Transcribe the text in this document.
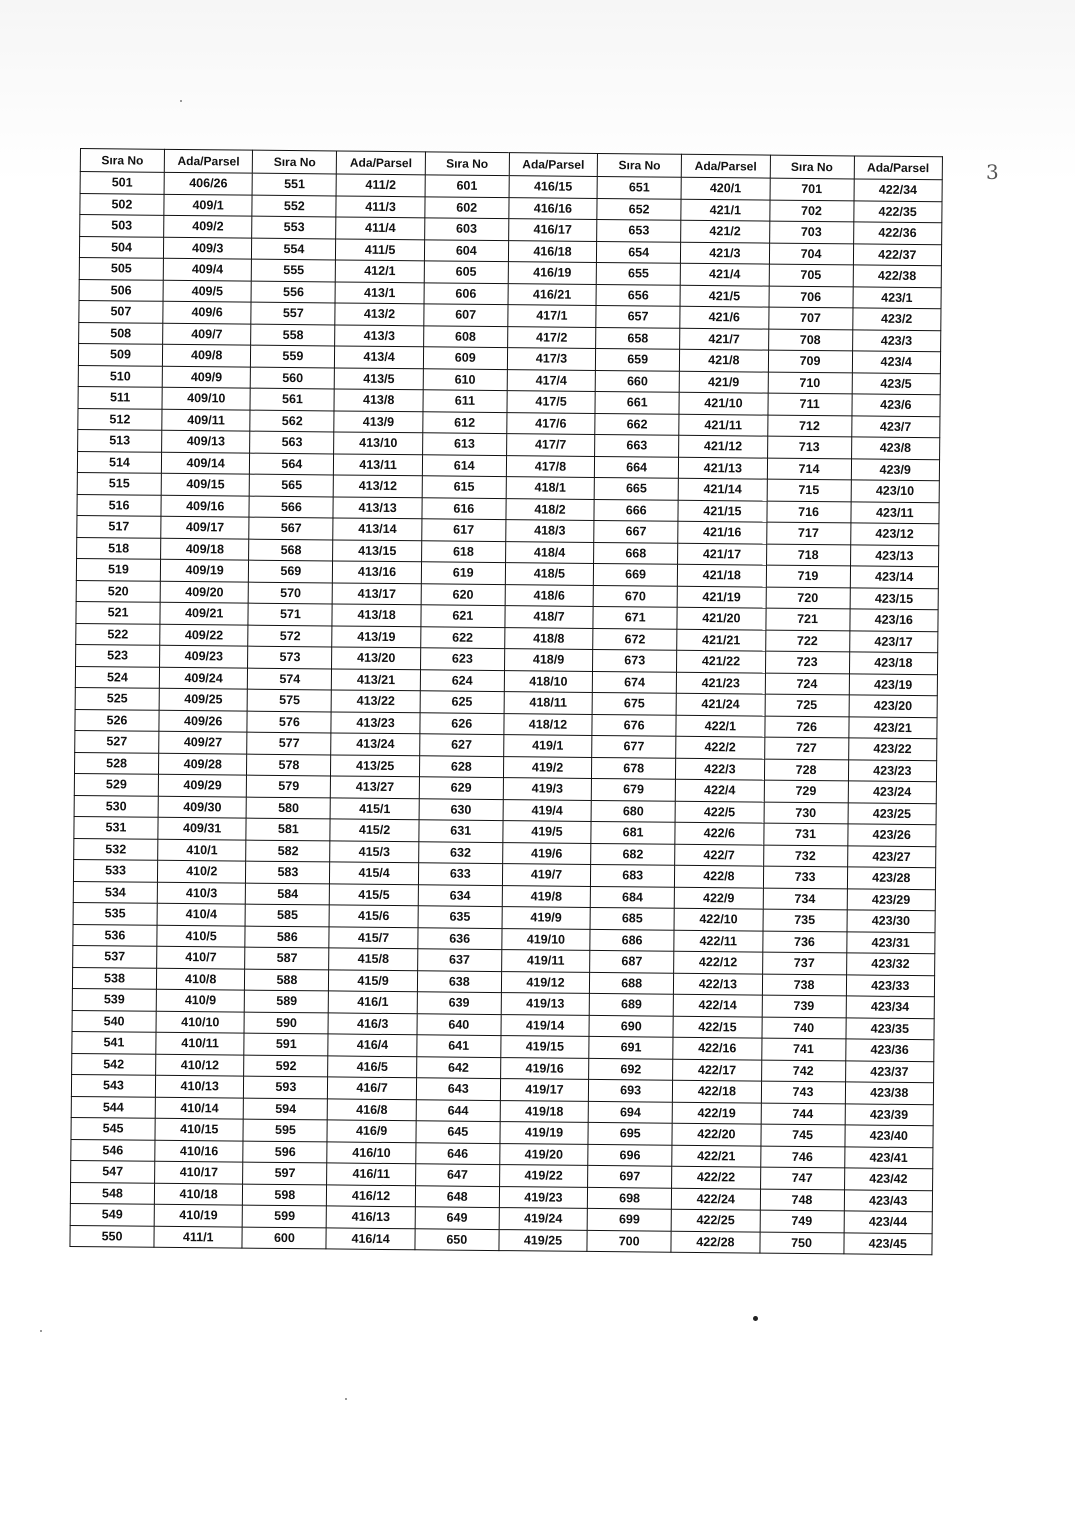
Sıra No	Ada/Parsel	Sıra No	Ada/Parsel	Sıra No	Ada/Parsel	Sıra No	Ada/Parsel	Sıra No	Ada/Parsel
501	406/26	551	411/2	601	416/15	651	420/1	701	422/34
502	409/1	552	411/3	602	416/16	652	421/1	702	422/35
503	409/2	553	411/4	603	416/17	653	421/2	703	422/36
504	409/3	554	411/5	604	416/18	654	421/3	704	422/37
505	409/4	555	412/1	605	416/19	655	421/4	705	422/38
506	409/5	556	413/1	606	416/21	656	421/5	706	423/1
507	409/6	557	413/2	607	417/1	657	421/6	707	423/2
508	409/7	558	413/3	608	417/2	658	421/7	708	423/3
509	409/8	559	413/4	609	417/3	659	421/8	709	423/4
510	409/9	560	413/5	610	417/4	660	421/9	710	423/5
511	409/10	561	413/8	611	417/5	661	421/10	711	423/6
512	409/11	562	413/9	612	417/6	662	421/11	712	423/7
513	409/13	563	413/10	613	417/7	663	421/12	713	423/8
514	409/14	564	413/11	614	417/8	664	421/13	714	423/9
515	409/15	565	413/12	615	418/1	665	421/14	715	423/10
516	409/16	566	413/13	616	418/2	666	421/15	716	423/11
517	409/17	567	413/14	617	418/3	667	421/16	717	423/12
518	409/18	568	413/15	618	418/4	668	421/17	718	423/13
519	409/19	569	413/16	619	418/5	669	421/18	719	423/14
520	409/20	570	413/17	620	418/6	670	421/19	720	423/15
521	409/21	571	413/18	621	418/7	671	421/20	721	423/16
522	409/22	572	413/19	622	418/8	672	421/21	722	423/17
523	409/23	573	413/20	623	418/9	673	421/22	723	423/18
524	409/24	574	413/21	624	418/10	674	421/23	724	423/19
525	409/25	575	413/22	625	418/11	675	421/24	725	423/20
526	409/26	576	413/23	626	418/12	676	422/1	726	423/21
527	409/27	577	413/24	627	419/1	677	422/2	727	423/22
528	409/28	578	413/25	628	419/2	678	422/3	728	423/23
529	409/29	579	413/27	629	419/3	679	422/4	729	423/24
530	409/30	580	415/1	630	419/4	680	422/5	730	423/25
531	409/31	581	415/2	631	419/5	681	422/6	731	423/26
532	410/1	582	415/3	632	419/6	682	422/7	732	423/27
533	410/2	583	415/4	633	419/7	683	422/8	733	423/28
534	410/3	584	415/5	634	419/8	684	422/9	734	423/29
535	410/4	585	415/6	635	419/9	685	422/10	735	423/30
536	410/5	586	415/7	636	419/10	686	422/11	736	423/31
537	410/7	587	415/8	637	419/11	687	422/12	737	423/32
538	410/8	588	415/9	638	419/12	688	422/13	738	423/33
539	410/9	589	416/1	639	419/13	689	422/14	739	423/34
540	410/10	590	416/3	640	419/14	690	422/15	740	423/35
541	410/11	591	416/4	641	419/15	691	422/16	741	423/36
542	410/12	592	416/5	642	419/16	692	422/17	742	423/37
543	410/13	593	416/7	643	419/17	693	422/18	743	423/38
544	410/14	594	416/8	644	419/18	694	422/19	744	423/39
545	410/15	595	416/9	645	419/19	695	422/20	745	423/40
546	410/16	596	416/10	646	419/20	696	422/21	746	423/41
547	410/17	597	416/11	647	419/22	697	422/22	747	423/42
548	410/18	598	416/12	648	419/23	698	422/24	748	423/43
549	410/19	599	416/13	649	419/24	699	422/25	749	423/44
550	411/1	600	416/14	650	419/25	700	422/28	750	423/45
3
